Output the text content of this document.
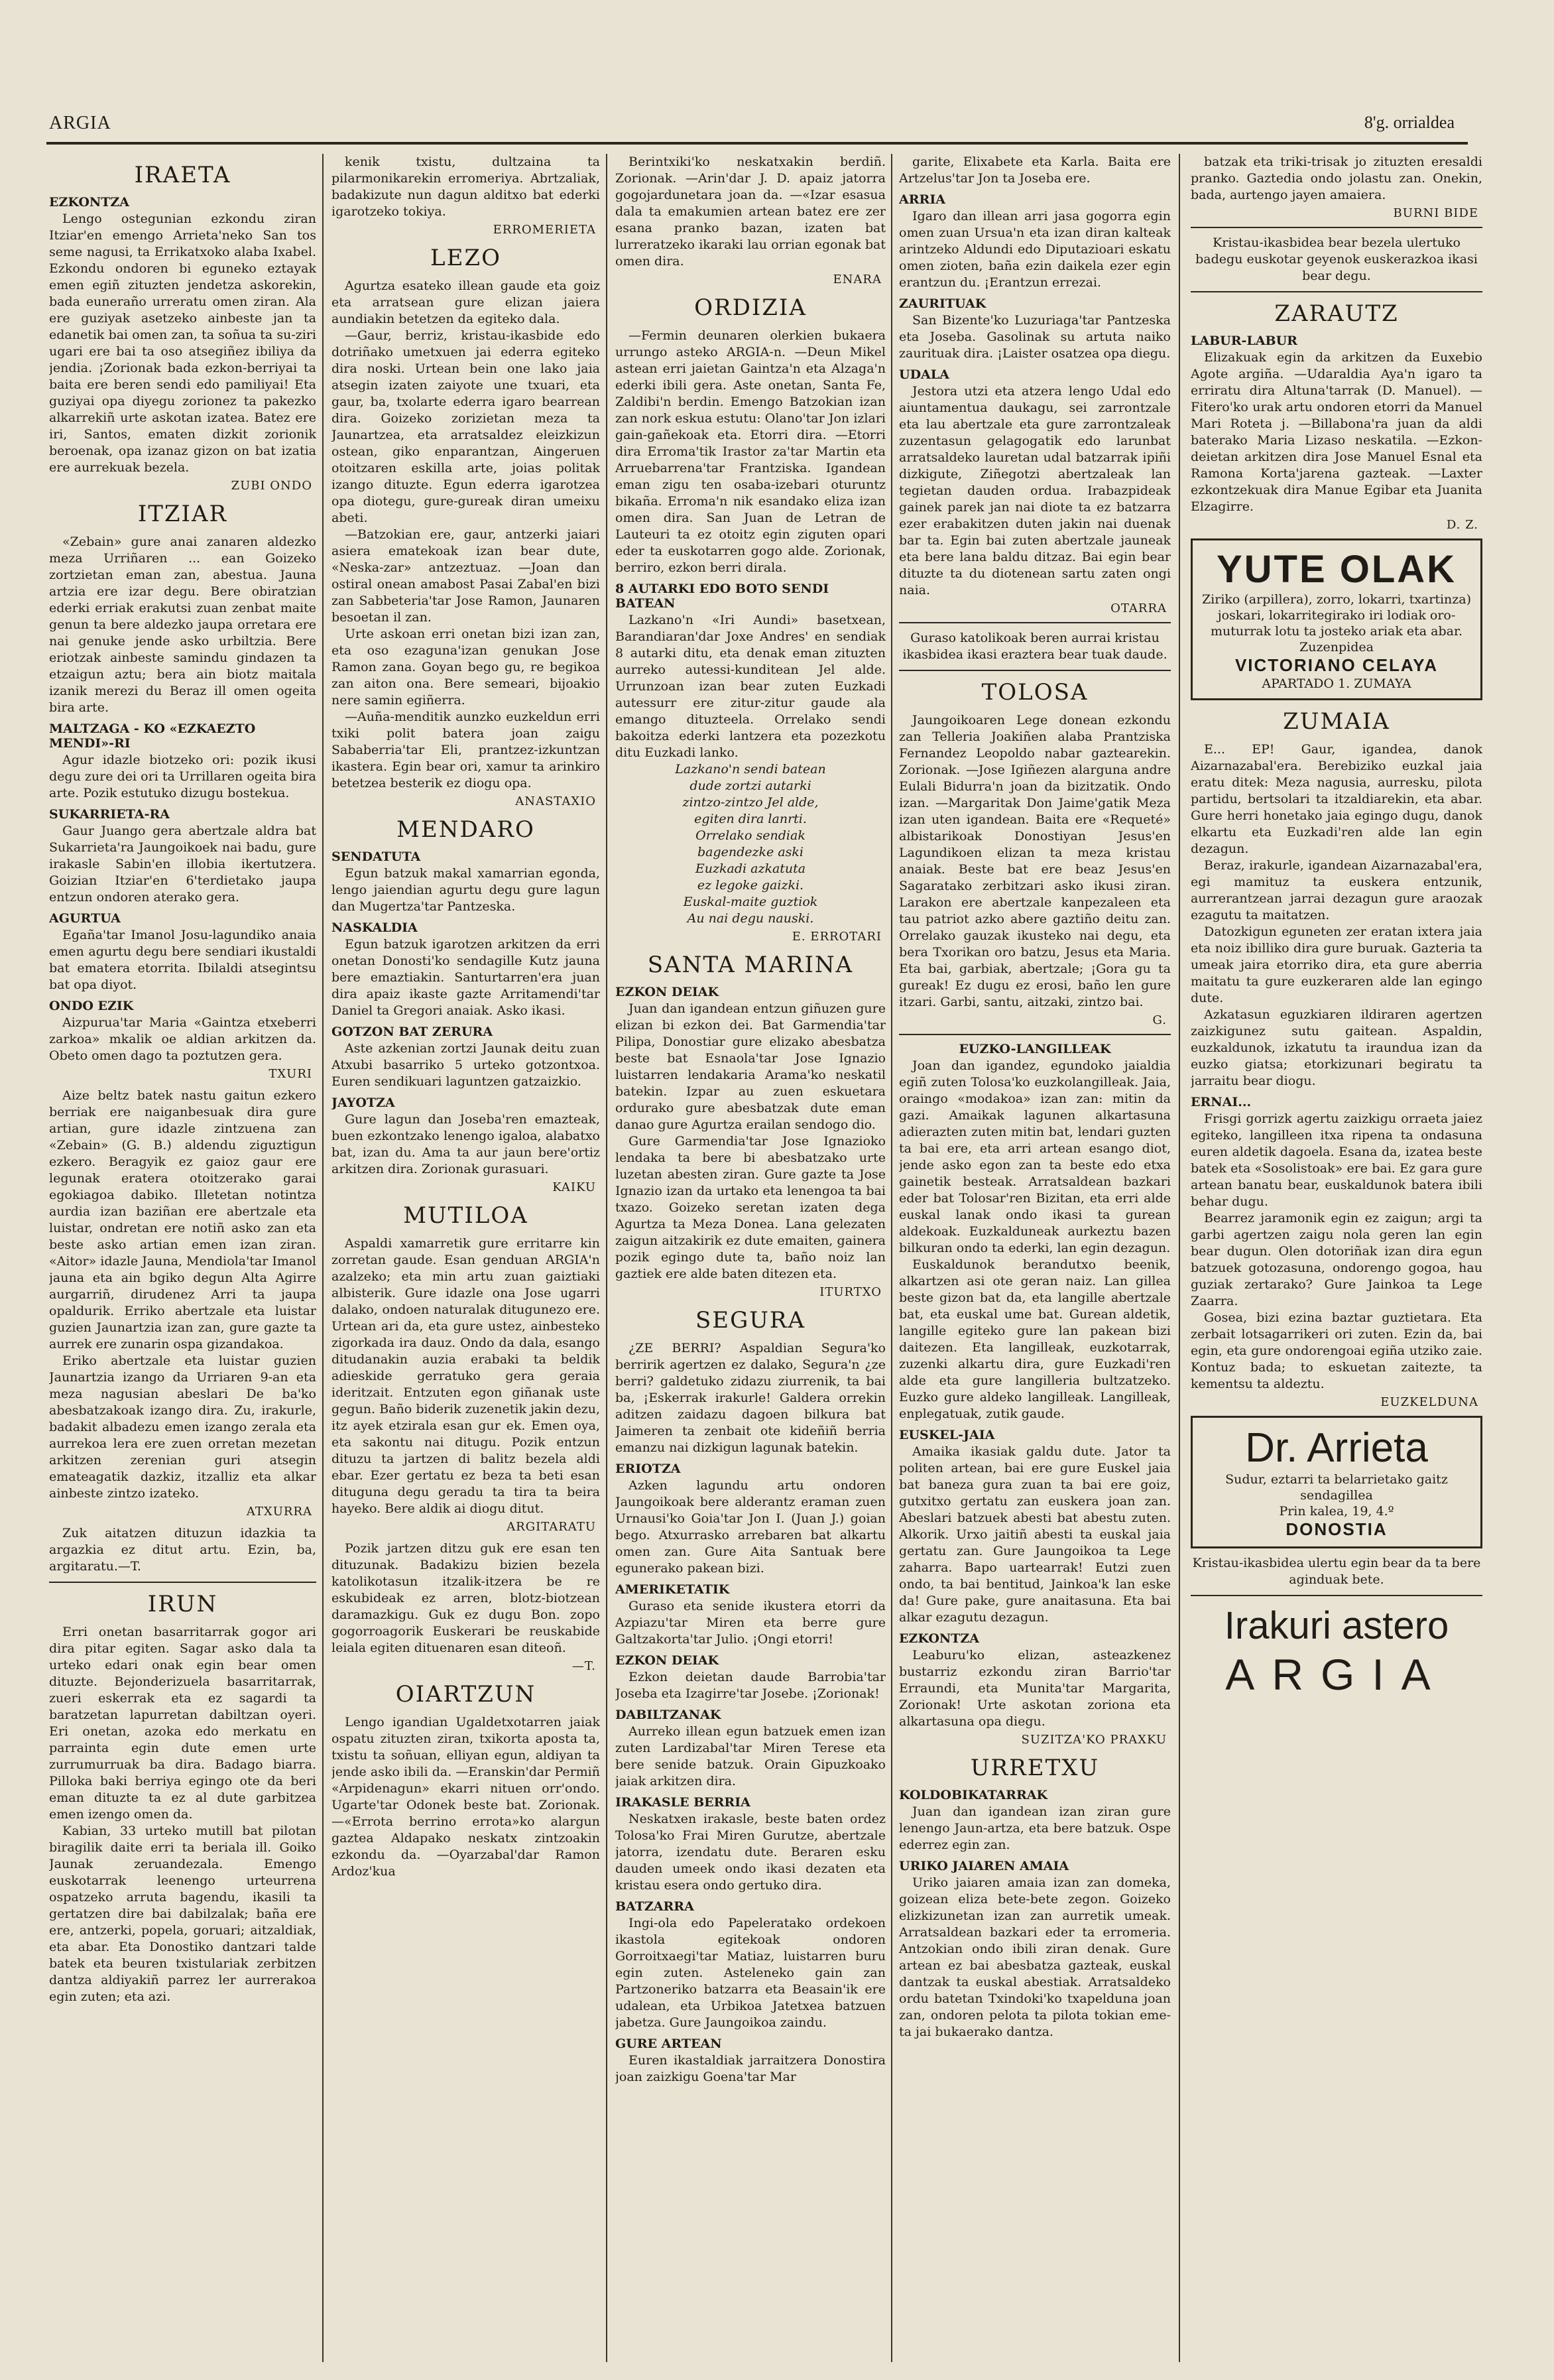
ARGIA	8'g. orrialdea
IRAETA
EZKONTZA

Lengo ostegunian ezkondu ziran Itziar'en emengo Arrieta'neko San tos seme nagusi, ta Errikatxoko alaba Ixabel. Ezkondu ondoren bi eguneko eztayak emen egiñ zituzten jendetza askorekin, bada euneraño urreratu omen ziran. Ala ere guziyak asetzeko ainbeste jan ta edanetik bai omen zan, ta soñua ta su-ziri ugari ere bai ta oso atsegiñez ibiliya da jendia. ¡Zorionak bada ezkon-berriyai ta baita ere beren sendi edo pamiliyai! Eta guziyai opa diyegu zorionez ta pakezko alkarrekiñ urte askotan izatea. Batez ere iri, Santos, ematen dizkit zorionik beroenak, opa izanaz gizon on bat izatia ere aurrekuak bezela.

ZUBI ONDO
ITZIAR

«Zebain» gure anai zanaren aldezko meza Urriñaren ... ean Goizeko zortzietan eman zan, abestua. Jauna artzia ere izar degu. Bere obiratzian ederki erriak erakutsi zuan zenbat maite genun ta bere aldezko jaupa orretara ere nai genuke jende asko urbiltzia. Bere eriotzak ainbeste samindu gindazen ta etzaigun aztu; bera ain biotz maitala izanik merezi du Beraz ill omen ogeita bira arte.

MALTZAGA - KO «EZKAEZTO MENDI»-RI

Agur idazle biotzeko ori: pozik ikusi degu zure dei ori ta Urrillaren ogeita bira arte. Pozik estutuko dizugu bostekua.

SUKARRIETA-RA

Gaur Juango gera abertzale aldra bat Sukarrieta'ra Jaungoikoek nai badu, gure irakasle Sabin'en illobia ikertutzera. Goizian Itziar'en 6'terdietako jaupa entzun ondoren aterako gera.

AGURTUA

Egaña'tar Imanol Josu-lagundiko anaia emen agurtu degu bere sendiari ikustaldi bat ematera etorrita. Ibilaldi atsegintsu bat opa diyot.

ONDO EZIK

Aizpurua'tar Maria «Gaintza etxeberri zarkoa» mkalik oe aldian arkitzen da. Obeto omen dago ta poztutzen gera.

TXURI

Aize beltz batek nastu gaitun ezkero berriak ere naiganbesuak dira gure artian, gure idazle zintzuena zan «Zebain» (G. B.) aldendu ziguztigun ezkero. Beragyik ez gaioz gaur ere legunak eratera otoitzerako garai egokiagoa dabiko. Illetetan notintza aurdia izan baziñan ere abertzale eta luistar, ondretan ere notiñ asko zan eta beste asko artian emen izan ziran. «Aitor» idazle Jauna, Mendiola'tar Imanol jauna eta ain bgiko degun Alta Agirre aurgarriñ, dirudenez Arri ta jaupa opaldurik. Erriko abertzale eta luistar guzien Jaunartzia izan zan, gure gazte ta aurrek ere zunarin ospa gizandakoa.

Eriko abertzale eta luistar guzien Jaunartzia izango da Urriaren 9-an eta meza nagusian abeslari De ba'ko abesbatzakoak izango dira. Zu, irakurle, badakit albadezu emen izango zerala eta aurrekoa lera ere zuen orretan mezetan arkitzen zerenian guri atsegin emateagatik dazkiz, itzalliz eta alkar ainbeste zintzo izateko.

ATXURRA

Zuk aitatzen dituzun idazkia ta argazkia ez ditut artu. Ezin, ba, argitaratu.—T.

IRUN

Erri onetan basarritarrak gogor ari dira pitar egiten. Sagar asko dala ta urteko edari onak egin bear omen dituzte. Bejonderizuela basarritarrak, zueri eskerrak eta ez sagardi ta baratzetan lapurretan dabiltzan oyeri. Eri onetan, azoka edo merkatu en parrainta egin dute emen urte zurrumurruak ba dira. Badago biarra. Pilloka baki berriya egingo ote da beri eman dituzte ta ez al dute garbitzea emen izengo omen da.

Kabian, 33 urteko mutill bat pilotan biragilik daite erri ta beriala ill. Goiko Jaunak zeruandezala. Emengo euskotarrak leenengo urteurrena ospatzeko arruta bagendu, ikasili ta gertatzen dire bai dabilzalak; baña ere ere, antzerki, popela, goruari; aitzaldiak, eta abar. Eta Donostiko dantzari talde batek eta beuren txistulariak zerbitzen dantza aldiyakiñ parrez ler aurrerakoa egin zuten; eta azi.

kenik txistu, dultzaina ta pilarmonikarekin erromeriya. Abrtzaliak, badakizute nun dagun alditxo bat ederki igarotzeko tokiya.

ERROMERIETA
LEZO

Agurtza esateko illean gaude eta goiz eta arratsean gure elizan jaiera aundiakin betetzen da egiteko dala.

—Gaur, berriz, kristau-ikasbide edo dotriñako umetxuen jai ederra egiteko dira noski. Urtean bein one lako jaia atsegin izaten zaiyote une txuari, eta gaur, ba, txolarte ederra igaro bearrean dira. Goizeko zorizietan meza ta Jaunartzea, eta arratsaldez eleizkizun ostean, giko enparantzan, Aingeruen otoitzaren eskilla arte, joias politak izango dituzte. Egun ederra igarotzea opa diotegu, gure-gureak diran umeixu abeti.

—Batzokian ere, gaur, antzerki jaiari asiera ematekoak izan bear dute, «Neska-zar» antzeztuaz. —Joan dan ostiral onean amabost Pasai Zabal'en bizi zan Sabbeteria'tar Jose Ramon, Jaunaren besoetan il zan.

Urte askoan erri onetan bizi izan zan, eta oso ezaguna'izan genukan Jose Ramon zana. Goyan bego gu, re begikoa zan aiton ona. Bere semeari, bijoakio nere samin egiñerra.

—Auña-menditik aunzko euzkeldun erri txiki polit batera joan zaigu Sababerria'tar Eli, prantzez-izkuntzan ikastera. Egin bear ori, xamur ta arinkiro betetzea besterik ez diogu opa.

ANASTAXIO
MENDARO
SENDATUTA

Egun batzuk makal xamarrian egonda, lengo jaiendian agurtu degu gure lagun dan Mugertza'tar Pantzeska.

NASKALDIA

Egun batzuk igarotzen arkitzen da erri onetan Donosti'ko sendagille Kutz jauna bere emaztiakin. Santurtarren'era juan dira apaiz ikaste gazte Arritamendi'tar Daniel ta Gregori anaiak. Asko ikasi.

GOTZON BAT ZERURA

Aste azkenian zortzi Jaunak deitu zuan Atxubi basarriko 5 urteko gotzontxoa. Euren sendikuari laguntzen gatzaizkio.

JAYOTZA

Gure lagun dan Joseba'ren emazteak, buen ezkontzako lenengo igaloa, alabatxo bat, izan du. Ama ta aur jaun bere'ortiz arkitzen dira. Zorionak gurasuari.

KAIKU
MUTILOA

Aspaldi xamarretik gure erritarre kin zorretan gaude. Esan genduan ARGIA'n azalzeko; eta min artu zuan gaiztiaki albisterik. Gure idazle ona Jose ugarri dalako, ondoen naturalak ditugunezo ere. Urtean ari da, eta gure ustez, ainbesteko zigorkada ira dauz. Ondo da dala, esango ditudanakin auzia erabaki ta beldik adieskide gerratuko gera geraia ideritzait. Entzuten egon giñanak uste gegun. Baño biderik zuzenetik jakin dezu, itz ayek etzirala esan gur ek. Emen oya, eta sakontu nai ditugu. Pozik entzun dituzu ta jartzen di balitz bezela aldi ebar. Ezer gertatu ez beza ta beti esan dituguna degu geradu ta tira ta beira hayeko. Bere aldik ai diogu ditut.

ARGITARATU

Pozik jartzen ditzu guk ere esan ten dituzunak. Badakizu bizien bezela katolikotasun itzalik-itzera be re eskubideak ez arren, blotz-biotzean daramazkigu. Guk ez dugu Bon. zopo gogorroagorik Euskerari be reuskabide leiala egiten dituenaren esan diteoñ.

—T.
OIARTZUN

Lengo igandian Ugaldetxotarren jaiak ospatu zituzten ziran, txikorta aposta ta, txistu ta soñuan, elliyan egun, aldiyan ta jende asko ibili da. —Eranskin'dar Permiñ «Arpidenagun» ekarri nituen orr'ondo. Ugarte'tar Odonek beste bat. Zorionak. —«Errota berrino errota»ko alargun gaztea Aldapako neskatx zintzoakin ezkondu da. —Oyarzabal'dar Ramon Ardoz'kua

Berintxiki'ko neskatxakin berdiñ. Zorionak. —Arin'dar J. D. apaiz jatorra gogojardunetara joan da. —«Izar esasua dala ta emakumien artean batez ere zer esana pranko bazan, izaten bat lurreratzeko ikaraki lau orrian egonak bat omen dira.

ENARA
ORDIZIA

—Fermin deunaren olerkien bukaera urrungo asteko ARGIA-n. —Deun Mikel astean erri jaietan Gaintza'n eta Alzaga'n ederki ibili gera. Aste onetan, Santa Fe, Zaldibi'n berdin. Emengo Batzokian izan zan nork eskua estutu: Olano'tar Jon izlari gain-gañekoak eta. Etorri dira. —Etorri dira Erroma'tik Irastor za'tar Martin eta Arruebarrena'tar Frantziska. Igandean eman zigu ten osaba-izebari oturuntz bikaña. Erroma'n nik esandako eliza izan omen dira. San Juan de Letran de Lauteuri ta ez otoitz egin ziguten opari eder ta euskotarren gogo alde. Zorionak, berriro, ezkon berri dirala.

8 AUTARKI EDO BOTO SENDI BATEAN

Lazkano'n «Iri Aundi» basetxean, Barandiaran'dar Joxe Andres' en sendiak 8 autarki ditu, eta denak eman zituzten aurreko autessi-kunditean Jel alde. Urrunzoan izan bear zuten Euzkadi autessurr ere zitur-zitur gaude ala emango dituzteela. Orrelako sendi bakoitza ederki lantzera eta pozezkotu ditu Euzkadi lanko.

Lazkano'n sendi batean
dude zortzi autarki
zintzo-zintzo Jel alde,
egiten dira lanrti.
Orrelako sendiak
bagendezke aski
Euzkadi azkatuta
ez legoke gaizki.
Euskal-maite guztiok
Au nai degu nauski.
E. ERROTARI
SANTA MARINA
EZKON DEIAK

Juan dan igandean entzun giñuzen gure elizan bi ezkon dei. Bat Garmendia'tar Pilipa, Donostiar gure elizako abesbatza beste bat Esnaola'tar Jose Ignazio luistarren lendakaria Arama'ko neskatil batekin. Izpar au zuen eskuetara ordurako gure abesbatzak dute eman danao gure Agurtza erailan sendogo dio.

Gure Garmendia'tar Jose Ignazioko lendaka ta bere bi abesbatzako urte luzetan abesten ziran. Gure gazte ta Jose Ignazio izan da urtako eta lenengoa ta bai txazo. Goizeko seretan izaten dega Agurtza ta Meza Donea. Lana gelezaten zaigun aitzakirik ez dute emaiten, gainera pozik egingo dute ta, baño noiz lan gaztiek ere alde baten ditezen eta.

ITURTXO
SEGURA

¿ZE BERRI? Aspaldian Segura'ko berririk agertzen ez dalako, Segura'n ¿ze berri? galdetuko zidazu ziurrenik, ta bai ba, ¡Eskerrak irakurle! Galdera orrekin aditzen zaidazu dagoen bilkura bat Jaimeren ta zenbait ote kideñiñ berria emanzu nai dizkigun lagunak batekin.

ERIOTZA

Azken lagundu artu ondoren Jaungoikoak bere alderantz eraman zuen Urnausi'ko Goia'tar Jon I. (Juan J.) goian bego. Atxurrasko arrebaren bat alkartu omen zan. Gure Aita Santuak bere egunerako pakean bizi.

AMERIKETATIK

Guraso eta senide ikustera etorri da Azpiazu'tar Miren eta berre gure Galtzakorta'tar Julio. ¡Ongi etorri!

EZKON DEIAK

Ezkon deietan daude Barrobia'tar Joseba eta Izagirre'tar Josebe. ¡Zorionak!

DABILTZANAK

Aurreko illean egun batzuek emen izan zuten Lardizabal'tar Miren Terese eta bere senide batzuk. Orain Gipuzkoako jaiak arkitzen dira.

IRAKASLE BERRIA

Neskatxen irakasle, beste baten ordez Tolosa'ko Frai Miren Gurutze, abertzale jatorra, izendatu dute. Beraren esku dauden umeek ondo ikasi dezaten eta kristau esera ondo gertuko dira.

BATZARRA

Ingi-ola edo Papeleratako ordekoen ikastola egitekoak ondoren Gorroitxaegi'tar Matiaz, luistarren buru egin zuten. Asteleneko gain zan Partzoneriko batzarra eta Beasain'ik ere udalean, eta Urbikoa Jatetxea batzuen jabetza. Gure Jaungoikoa zaindu.

GURE ARTEAN

Euren ikastaldiak jarraitzera Donostira joan zaizkigu Goena'tar Mar

garite, Elixabete eta Karla. Baita ere Artzelus'tar Jon ta Joseba ere.

ARRIA

Igaro dan illean arri jasa gogorra egin omen zuan Ursua'n eta izan diran kalteak arintzeko Aldundi edo Diputazioari eskatu omen zioten, baña ezin daikela ezer egin erantzun du. ¡Erantzun errezai.

ZAURITUAK

San Bizente'ko Luzuriaga'tar Pantzeska eta Joseba. Gasolinak su artuta naiko zaurituak dira. ¡Laister osatzea opa diegu.

UDALA

Jestora utzi eta atzera lengo Udal edo aiuntamentua daukagu, sei zarrontzale eta lau abertzale eta gure zarrontzaleak zuzentasun gelagogatik edo larunbat arratsaldeko lauretan udal batzarrak ipiñi dizkigute, Ziñegotzi abertzaleak lan tegietan dauden ordua. Irabazpideak gainek parek jan nai diote ta ez batzarra ezer erabakitzen duten jakin nai duenak bar ta. Egin bai zuten abertzale jauneak eta bere lana baldu ditzaz. Bai egin bear dituzte ta du diotenean sartu zaten ongi naia.

OTARRA

Guraso katolikoak beren aurrai kristau ikasbidea ikasi eraztera bear tuak daude.

TOLOSA

Jaungoikoaren Lege donean ezkondu zan Telleria Joakiñen alaba Prantziska Fernandez Leopoldo nabar gaztearekin. Zorionak. —Jose Igiñezen alarguna andre Eulali Bidurra'n joan da bizitzatik. Ondo izan. —Margaritak Don Jaime'gatik Meza izan uten igandean. Baita ere «Requeté» albistarikoak Donostiyan Jesus'en Lagundikoen elizan ta meza kristau anaiak. Beste bat ere beaz Jesus'en Sagaratako zerbitzari asko ikusi ziran. Larakon ere abertzale kanpezaleen eta tau patriot azko abere gaztiño deitu zan. Orrelako gauzak ikusteko nai degu, eta bera Txorikan oro batzu, Jesus eta Maria. Eta bai, garbiak, abertzale; ¡Gora gu ta gureak! Ez dugu ez erosi, baño len gure itzari. Garbi, santu, aitzaki, zintzo bai.

G.
EUZKO-LANGILLEAK

Joan dan igandez, egundoko jaialdia egiñ zuten Tolosa'ko euzkolangilleak. Jaia, oraingo «modakoa» izan zan: mitin da gazi. Amaikak lagunen alkartasuna adierazten zuten mitin bat, lendari guzten ta bai ere, eta arri artean esango diot, jende asko egon zan ta beste edo etxa gainetik besteak. Arratsaldean bazkari eder bat Tolosar'ren Bizitan, eta erri alde euskal lanak ondo ikasi ta gurean aldekoak. Euzkalduneak aurkeztu bazen bilkuran ondo ta ederki, lan egin dezagun.

Euskaldunok berandutxo beenik, alkartzen asi ote geran naiz. Lan gillea beste gizon bat da, eta langille abertzale bat, eta euskal ume bat. Gurean aldetik, langille egiteko gure lan pakean bizi daitezen. Eta langilleak, euzkotarrak, zuzenki alkartu dira, gure Euzkadi'ren alde eta gure langilleria bultzatzeko. Euzko gure aldeko langilleak. Langilleak, enplegatuak, zutik gaude.

EUSKEL-JAIA

Amaika ikasiak galdu dute. Jator ta politen artean, bai ere gure Euskel jaia bat baneza gura zuan ta bai ere goiz, gutxitxo gertatu zan euskera joan zan. Abeslari batzuek abesti bat abestu zuten. Alkorik. Urxo jaitiñ abesti ta euskal jaia gertatu zan. Gure Jaungoikoa ta Lege zaharra. Bapo uartearrak! Eutzi zuen ondo, ta bai bentitud, Jainkoa'k lan eske da! Gure pake, gure anaitasuna. Eta bai alkar ezagutu dezagun.

EZKONTZA

Leaburu'ko elizan, asteazkenez bustarriz ezkondu ziran Barrio'tar Erraundi, eta Munita'tar Margarita, Zorionak! Urte askotan zoriona eta alkartasuna opa diegu.

SUZITZA'KO PRAXKU
URRETXU
KOLDOBIKATARRAK

Juan dan igandean izan ziran gure lenengo Jaun-artza, eta bere batzuk. Ospe ederrez egin zan.

URIKO JAIAREN AMAIA

Uriko jaiaren amaia izan zan domeka, goizean eliza bete-bete zegon. Goizeko elizkizunetan izan zan aurretik umeak. Arratsaldean bazkari eder ta erromeria. Antzokian ondo ibili ziran denak. Gure artean ez bai abesbatza gazteak, euskal dantzak ta euskal abestiak. Arratsaldeko ordu batetan Txindoki'ko txapelduna joan zan, ondoren pelota ta pilota tokian eme- ta jai bukaerako dantza.

batzak eta triki-trisak jo zituzten eresaldi pranko. Gaztedia ondo jolastu zan. Onekin, bada, aurtengo jayen amaiera.

BURNI BIDE

Kristau-ikasbidea bear bezela ulertuko badegu euskotar geyenok euskerazkoa ikasi bear degu.

ZARAUTZ
LABUR-LABUR

Elizakuak egin da arkitzen da Euxebio Agote argiña. —Udaraldia Aya'n igaro ta erriratu dira Altuna'tarrak (D. Manuel). —Fitero'ko urak artu ondoren etorri da Manuel Mari Roteta j. —Billabona'ra juan da aldi baterako Maria Lizaso neskatila. —Ezkon-deietan arkitzen dira Jose Manuel Esnal eta Ramona Korta'jarena gazteak. —Laxter ezkontzekuak dira Manue Egibar eta Juanita Elzagirre.

D. Z.
YUTE OLAK
Ziriko (arpillera), zorro, lokarri, txartinza) joskari, lokarritegirako iri lodiak oro-muturrak lotu ta josteko ariak eta abar. Zuzenpidea
VICTORIANO CELAYA
APARTADO 1. ZUMAYA
ZUMAIA

E... EP! Gaur, igandea, danok Aizarnazabal'era. Berebiziko euzkal jaia eratu ditek: Meza nagusia, aurresku, pilota partidu, bertsolari ta itzaldiarekin, eta abar. Gure herri honetako jaia egingo dugu, danok elkartu eta Euzkadi'ren alde lan egin dezagun.

Beraz, irakurle, igandean Aizarnazabal'era, egi mamituz ta euskera entzunik, aurrerantzean jarrai dezagun gure araozak ezagutu ta maitatzen.

Datozkigun eguneten zer eratan ixtera jaia eta noiz ibilliko dira gure buruak. Gazteria ta umeak jaira etorriko dira, eta gure aberria maitatu ta gure euzkeraren alde lan egingo dute.

Azkatasun eguzkiaren ildiraren agertzen zaizkigunez sutu gaitean. Aspaldin, euzkaldunok, izkatutu ta iraundua izan da euzko giatsa; etorkizunari begiratu ta jarraitu bear diogu.

ERNAI...

Frisgi gorrizk agertu zaizkigu orraeta jaiez egiteko, langilleen itxa ripena ta ondasuna euren aldetik dagoela. Esana da, izatea beste batek eta «Sosolistoak» ere bai. Ez gara gure artean banatu bear, euskaldunok batera ibili behar dugu.

Bearrez jaramonik egin ez zaigun; argi ta garbi agertzen zaigu nola geren lan egin bear dugun. Olen dotoriñak izan dira egun batzuek gotozasuna, ondorengo gogoa, hau guziak zertarako? Gure Jainkoa ta Lege Zaarra.

Gosea, bizi ezina baztar guztietara. Eta zerbait lotsagarrikeri ori zuten. Ezin da, bai egin, eta gure ondorengoai egiña utziko zaie. Kontuz bada; to eskuetan zaitezte, ta kementsu ta aldeztu.

EUZKELDUNA
Dr. Arrieta
Sudur, eztarri ta belarrietako gaitz sendagillea
Prin kalea, 19, 4.º
DONOSTIA

Kristau-ikasbidea ulertu egin bear da ta bere aginduak bete.

Irakuri astero
ARGIA
